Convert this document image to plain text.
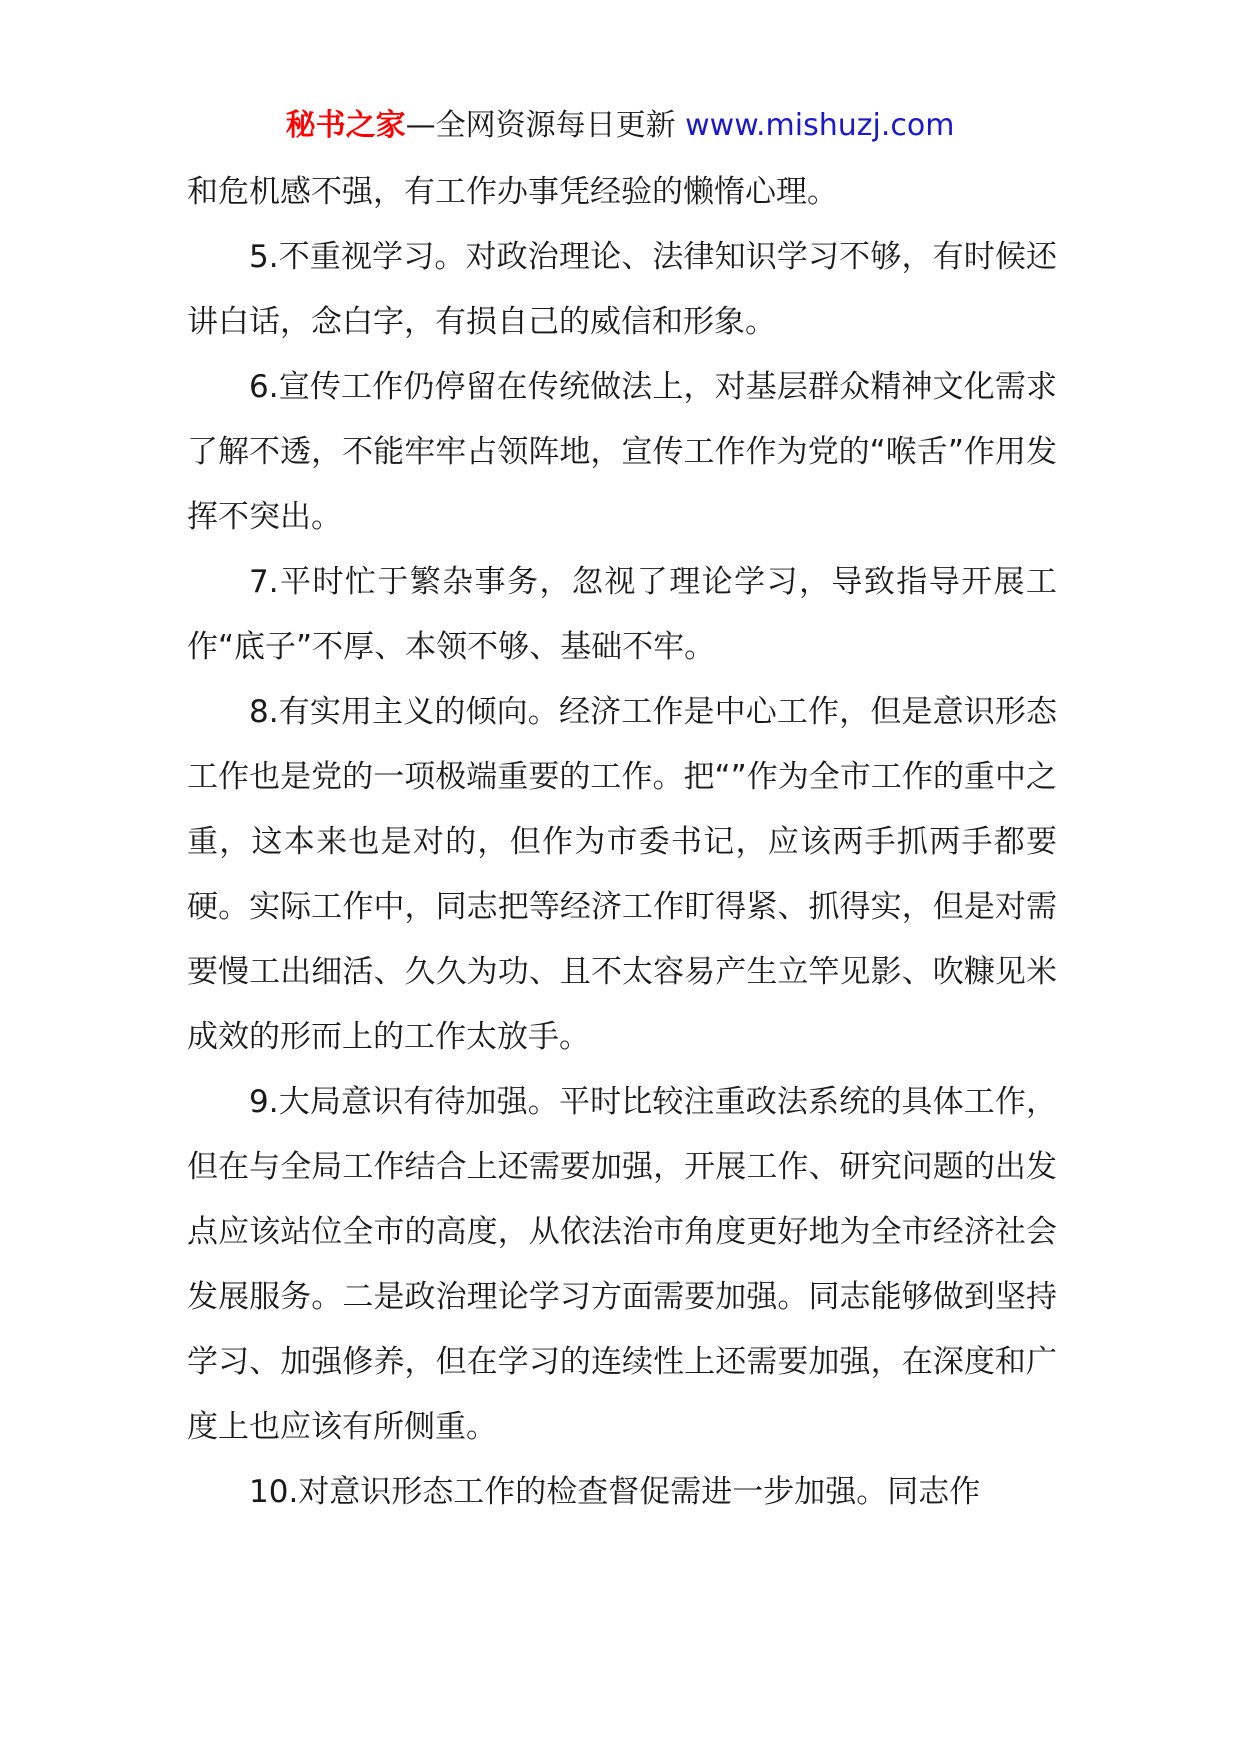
秘书之家—全网资源每日更新 www.mishuzj.com

和危机感不强，有工作办事凭经验的懒惰心理。

5.不重视学习。对政治理论、法律知识学习不够，有时候还讲白话，念白字，有损自己的威信和形象。

6.宣传工作仍停留在传统做法上，对基层群众精神文化需求了解不透，不能牢牢占领阵地，宣传工作作为党的“喉舌”作用发挥不突出。

7.平时忙于繁杂事务，忽视了理论学习，导致指导开展工作“底子”不厚、本领不够、基础不牢。

8.有实用主义的倾向。经济工作是中心工作，但是意识形态工作也是党的一项极端重要的工作。把“”作为全市工作的重中之重，这本来也是对的，但作为市委书记，应该两手抓两手都要硬。实际工作中，同志把等经济工作盯得紧、抓得实，但是对需要慢工出细活、久久为功、且不太容易产生立竿见影、吹糠见米成效的形而上的工作太放手。

9.大局意识有待加强。平时比较注重政法系统的具体工作，但在与全局工作结合上还需要加强，开展工作、研究问题的出发点应该站位全市的高度，从依法治市角度更好地为全市经济社会发展服务。二是政治理论学习方面需要加强。同志能够做到坚持学习、加强修养，但在学习的连续性上还需要加强，在深度和广度上也应该有所侧重。

10.对意识形态工作的检查督促需进一步加强。同志作
